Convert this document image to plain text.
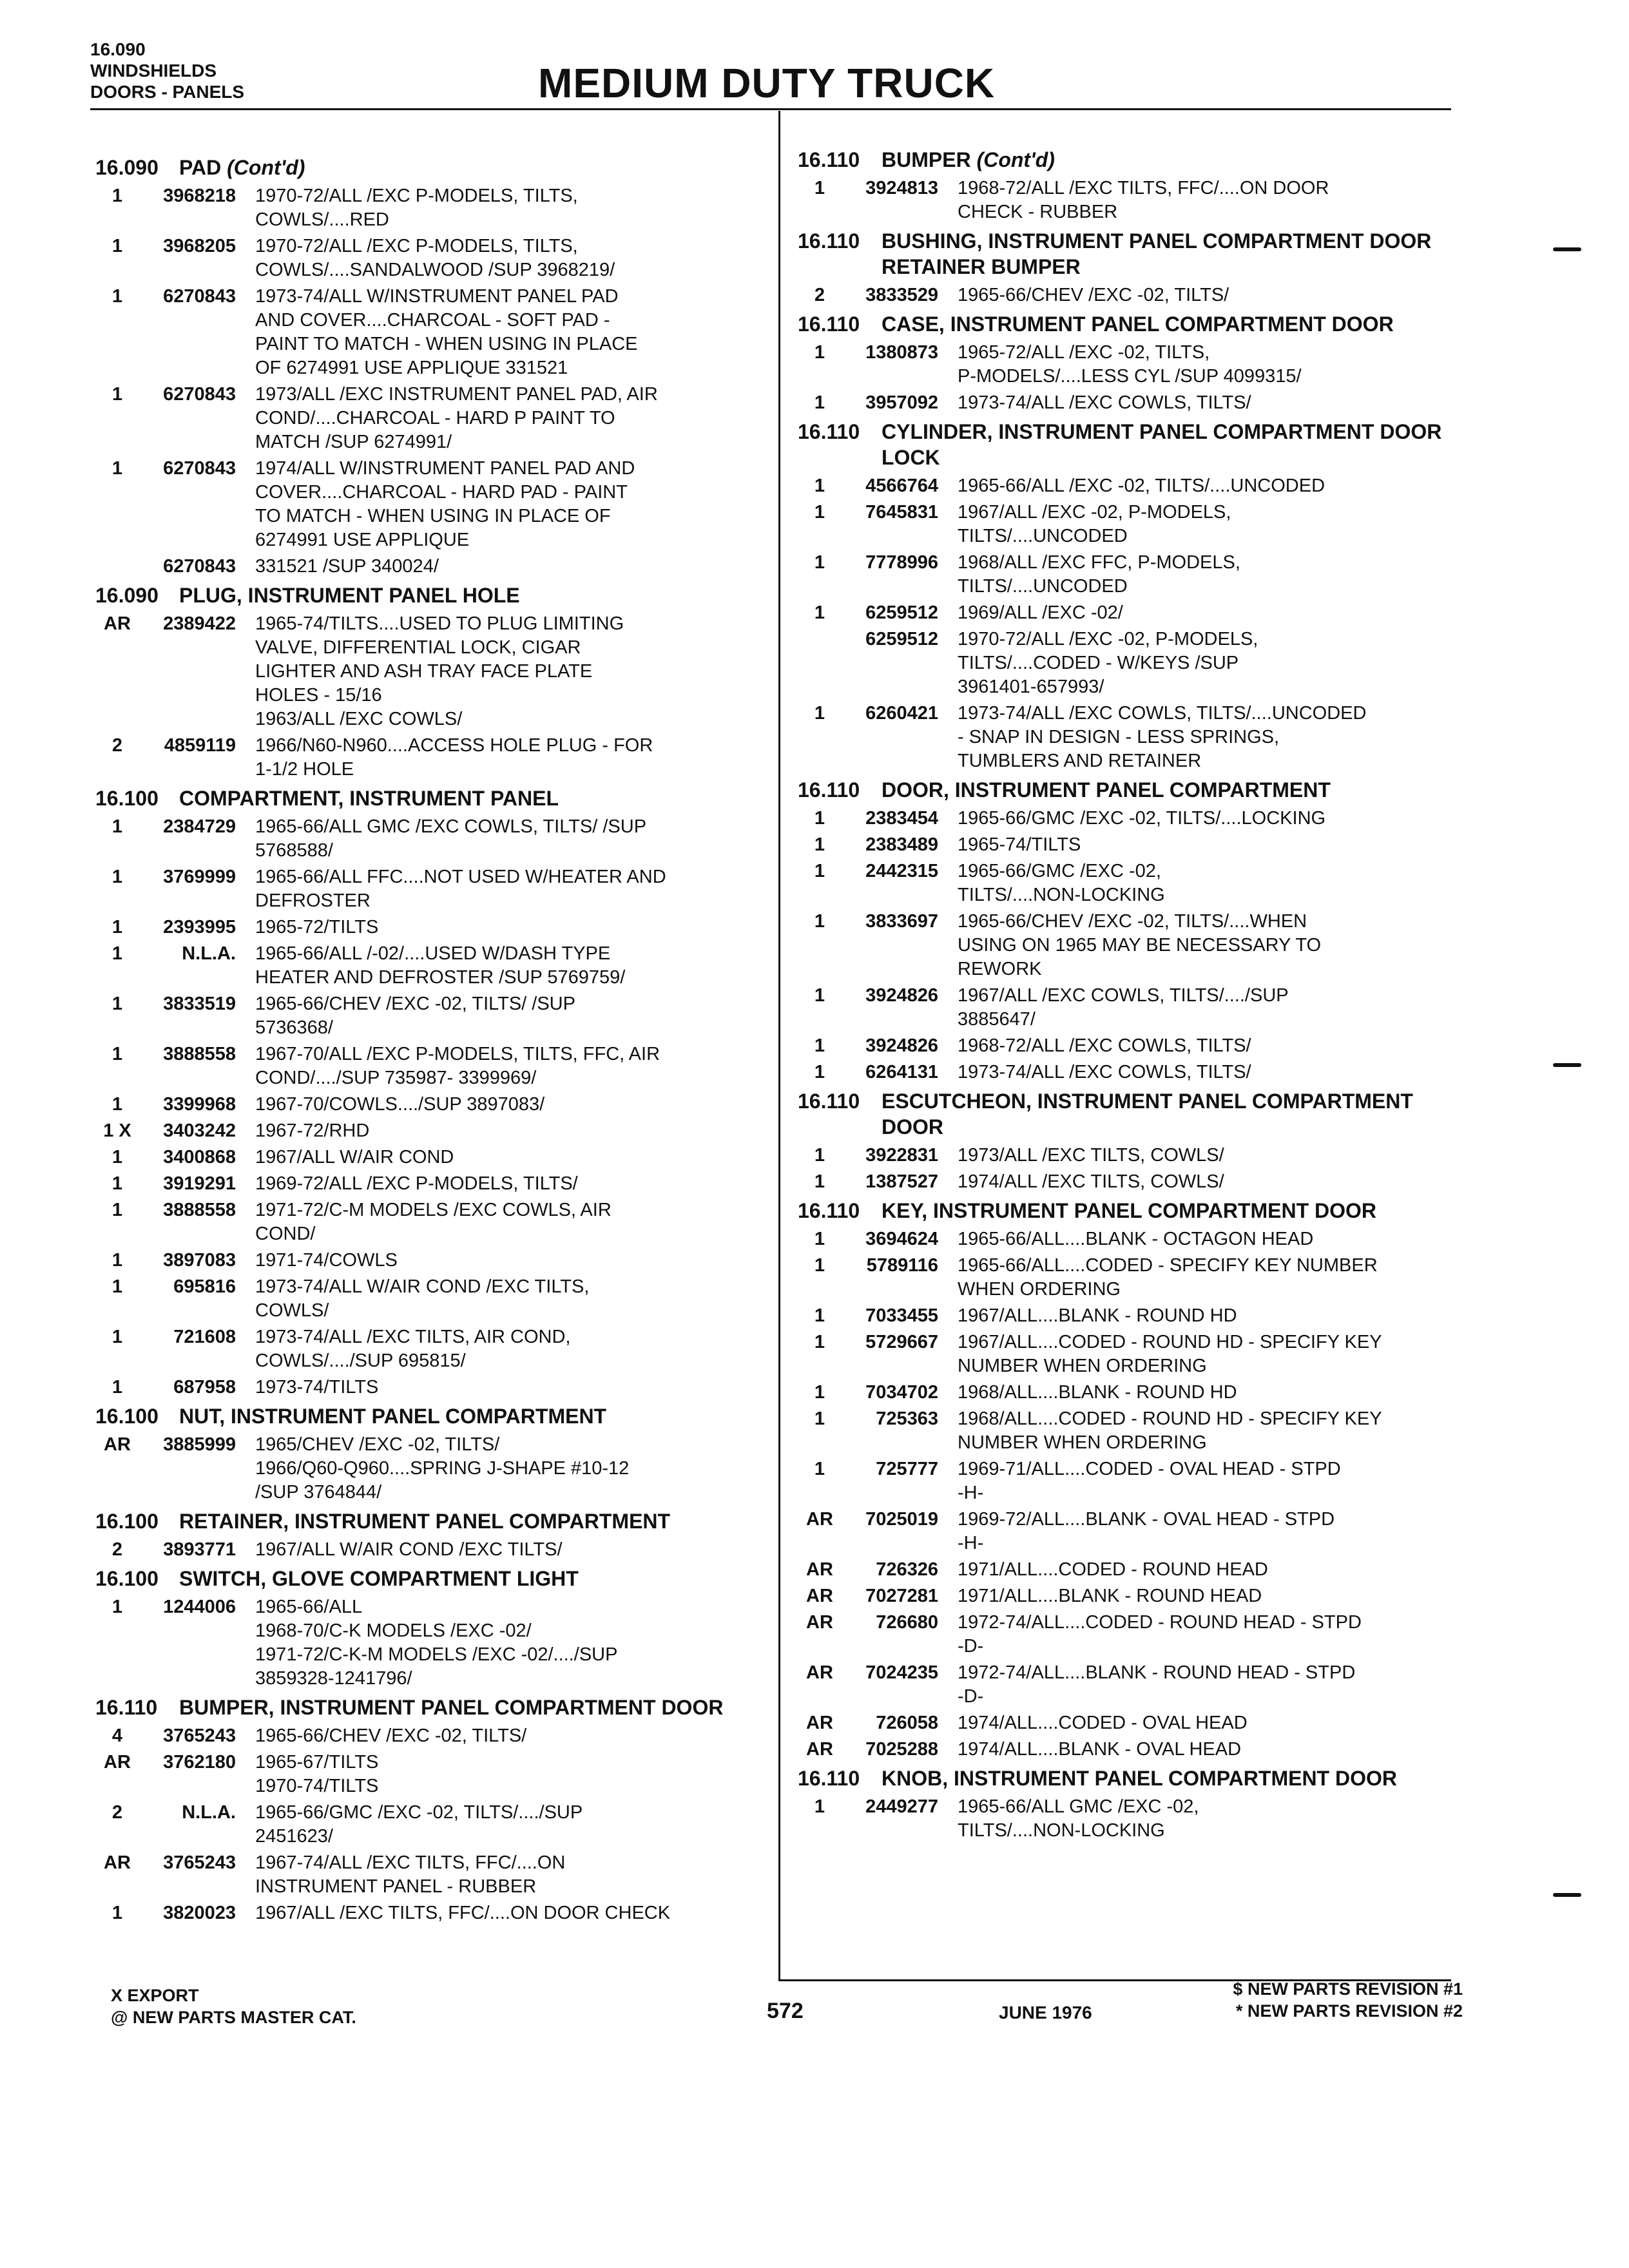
16.090
WINDSHIELDS
DOORS - PANELS	MEDIUM DUTY TRUCK
16.090 PAD (Cont'd)
1	3968218	1970-72/ALL /EXC P-MODELS, TILTS,
COWLS/....RED
1	3968205	1970-72/ALL /EXC P-MODELS, TILTS,
COWLS/....SANDALWOOD /SUP 3968219/
1	6270843	1973-74/ALL W/INSTRUMENT PANEL PAD
AND COVER....CHARCOAL - SOFT PAD -
PAINT TO MATCH - WHEN USING IN PLACE
OF 6274991 USE APPLIQUE 331521
1	6270843	1973/ALL /EXC INSTRUMENT PANEL PAD, AIR
COND/....CHARCOAL - HARD P PAINT TO
MATCH /SUP 6274991/
1	6270843	1974/ALL W/INSTRUMENT PANEL PAD AND
COVER....CHARCOAL - HARD PAD - PAINT
TO MATCH - WHEN USING IN PLACE OF
6274991 USE APPLIQUE
6270843	331521 /SUP 340024/
16.090 PLUG, INSTRUMENT PANEL HOLE
AR	2389422	1965-74/TILTS....USED TO PLUG LIMITING
VALVE, DIFFERENTIAL LOCK, CIGAR
LIGHTER AND ASH TRAY FACE PLATE
HOLES - 15/16
1963/ALL /EXC COWLS/
2	4859119	1966/N60-N960....ACCESS HOLE PLUG - FOR
1-1/2 HOLE
16.100 COMPARTMENT, INSTRUMENT PANEL
1	2384729	1965-66/ALL GMC /EXC COWLS, TILTS/ /SUP
5768588/
1	3769999	1965-66/ALL FFC....NOT USED W/HEATER AND
DEFROSTER
1	2393995	1965-72/TILTS
1	N.L.A.	1965-66/ALL /-02/....USED W/DASH TYPE
HEATER AND DEFROSTER /SUP 5769759/
1	3833519	1965-66/CHEV /EXC -02, TILTS/ /SUP
5736368/
1	3888558	1967-70/ALL /EXC P-MODELS, TILTS, FFC, AIR
COND/..../SUP 735987- 3399969/
1	3399968	1967-70/COWLS..../SUP 3897083/
1 X	3403242	1967-72/RHD
1	3400868	1967/ALL W/AIR COND
1	3919291	1969-72/ALL /EXC P-MODELS, TILTS/
1	3888558	1971-72/C-M MODELS /EXC COWLS, AIR
COND/
1	3897083	1971-74/COWLS
1	695816	1973-74/ALL W/AIR COND /EXC TILTS,
COWLS/
1	721608	1973-74/ALL /EXC TILTS, AIR COND,
COWLS/..../SUP 695815/
1	687958	1973-74/TILTS
16.100 NUT, INSTRUMENT PANEL COMPARTMENT
AR	3885999	1965/CHEV /EXC -02, TILTS/
1966/Q60-Q960....SPRING J-SHAPE #10-12
/SUP 3764844/
16.100 RETAINER, INSTRUMENT PANEL COMPARTMENT
2	3893771	1967/ALL W/AIR COND /EXC TILTS/
16.100 SWITCH, GLOVE COMPARTMENT LIGHT
1	1244006	1965-66/ALL
1968-70/C-K MODELS /EXC -02/
1971-72/C-K-M MODELS /EXC -02/..../SUP
3859328-1241796/
16.110 BUMPER, INSTRUMENT PANEL COMPARTMENT DOOR
4	3765243	1965-66/CHEV /EXC -02, TILTS/
AR	3762180	1965-67/TILTS
1970-74/TILTS
2	N.L.A.	1965-66/GMC /EXC -02, TILTS/..../SUP
2451623/
AR	3765243	1967-74/ALL /EXC TILTS, FFC/....ON
INSTRUMENT PANEL - RUBBER
1	3820023	1967/ALL /EXC TILTS, FFC/....ON DOOR CHECK
16.110 BUMPER (Cont'd)
1	3924813	1968-72/ALL /EXC TILTS, FFC/....ON DOOR
CHECK - RUBBER
16.110 BUSHING, INSTRUMENT PANEL COMPARTMENT DOOR RETAINER BUMPER
2	3833529	1965-66/CHEV /EXC -02, TILTS/
16.110 CASE, INSTRUMENT PANEL COMPARTMENT DOOR
1	1380873	1965-72/ALL /EXC -02, TILTS,
P-MODELS/....LESS CYL /SUP 4099315/
1	3957092	1973-74/ALL /EXC COWLS, TILTS/
16.110 CYLINDER, INSTRUMENT PANEL COMPARTMENT DOOR LOCK
1	4566764	1965-66/ALL /EXC -02, TILTS/....UNCODED
1	7645831	1967/ALL /EXC -02, P-MODELS,
TILTS/....UNCODED
1	7778996	1968/ALL /EXC FFC, P-MODELS,
TILTS/....UNCODED
1	6259512	1969/ALL /EXC -02/
6259512	1970-72/ALL /EXC -02, P-MODELS,
TILTS/....CODED - W/KEYS /SUP
3961401-657993/
1	6260421	1973-74/ALL /EXC COWLS, TILTS/....UNCODED
- SNAP IN DESIGN - LESS SPRINGS,
TUMBLERS AND RETAINER
16.110 DOOR, INSTRUMENT PANEL COMPARTMENT
1	2383454	1965-66/GMC /EXC -02, TILTS/....LOCKING
1	2383489	1965-74/TILTS
1	2442315	1965-66/GMC /EXC -02,
TILTS/....NON-LOCKING
1	3833697	1965-66/CHEV /EXC -02, TILTS/....WHEN
USING ON 1965 MAY BE NECESSARY TO
REWORK
1	3924826	1967/ALL /EXC COWLS, TILTS/..../SUP
3885647/
1	3924826	1968-72/ALL /EXC COWLS, TILTS/
1	6264131	1973-74/ALL /EXC COWLS, TILTS/
16.110 ESCUTCHEON, INSTRUMENT PANEL COMPARTMENT DOOR
1	3922831	1973/ALL /EXC TILTS, COWLS/
1	1387527	1974/ALL /EXC TILTS, COWLS/
16.110 KEY, INSTRUMENT PANEL COMPARTMENT DOOR
1	3694624	1965-66/ALL....BLANK - OCTAGON HEAD
1	5789116	1965-66/ALL....CODED - SPECIFY KEY NUMBER
WHEN ORDERING
1	7033455	1967/ALL....BLANK - ROUND HD
1	5729667	1967/ALL....CODED - ROUND HD - SPECIFY KEY
NUMBER WHEN ORDERING
1	7034702	1968/ALL....BLANK - ROUND HD
1	725363	1968/ALL....CODED - ROUND HD - SPECIFY KEY
NUMBER WHEN ORDERING
1	725777	1969-71/ALL....CODED - OVAL HEAD - STPD
-H-
AR	7025019	1969-72/ALL....BLANK - OVAL HEAD - STPD
-H-
AR	726326	1971/ALL....CODED - ROUND HEAD
AR	7027281	1971/ALL....BLANK - ROUND HEAD
AR	726680	1972-74/ALL....CODED - ROUND HEAD - STPD
-D-
AR	7024235	1972-74/ALL....BLANK - ROUND HEAD - STPD
-D-
AR	726058	1974/ALL....CODED - OVAL HEAD
AR	7025288	1974/ALL....BLANK - OVAL HEAD
16.110 KNOB, INSTRUMENT PANEL COMPARTMENT DOOR
1	2449277	1965-66/ALL GMC /EXC -02,
TILTS/....NON-LOCKING
X EXPORT
@ NEW PARTS MASTER CAT.	572	JUNE 1976
$ NEW PARTS REVISION #1
* NEW PARTS REVISION #2
